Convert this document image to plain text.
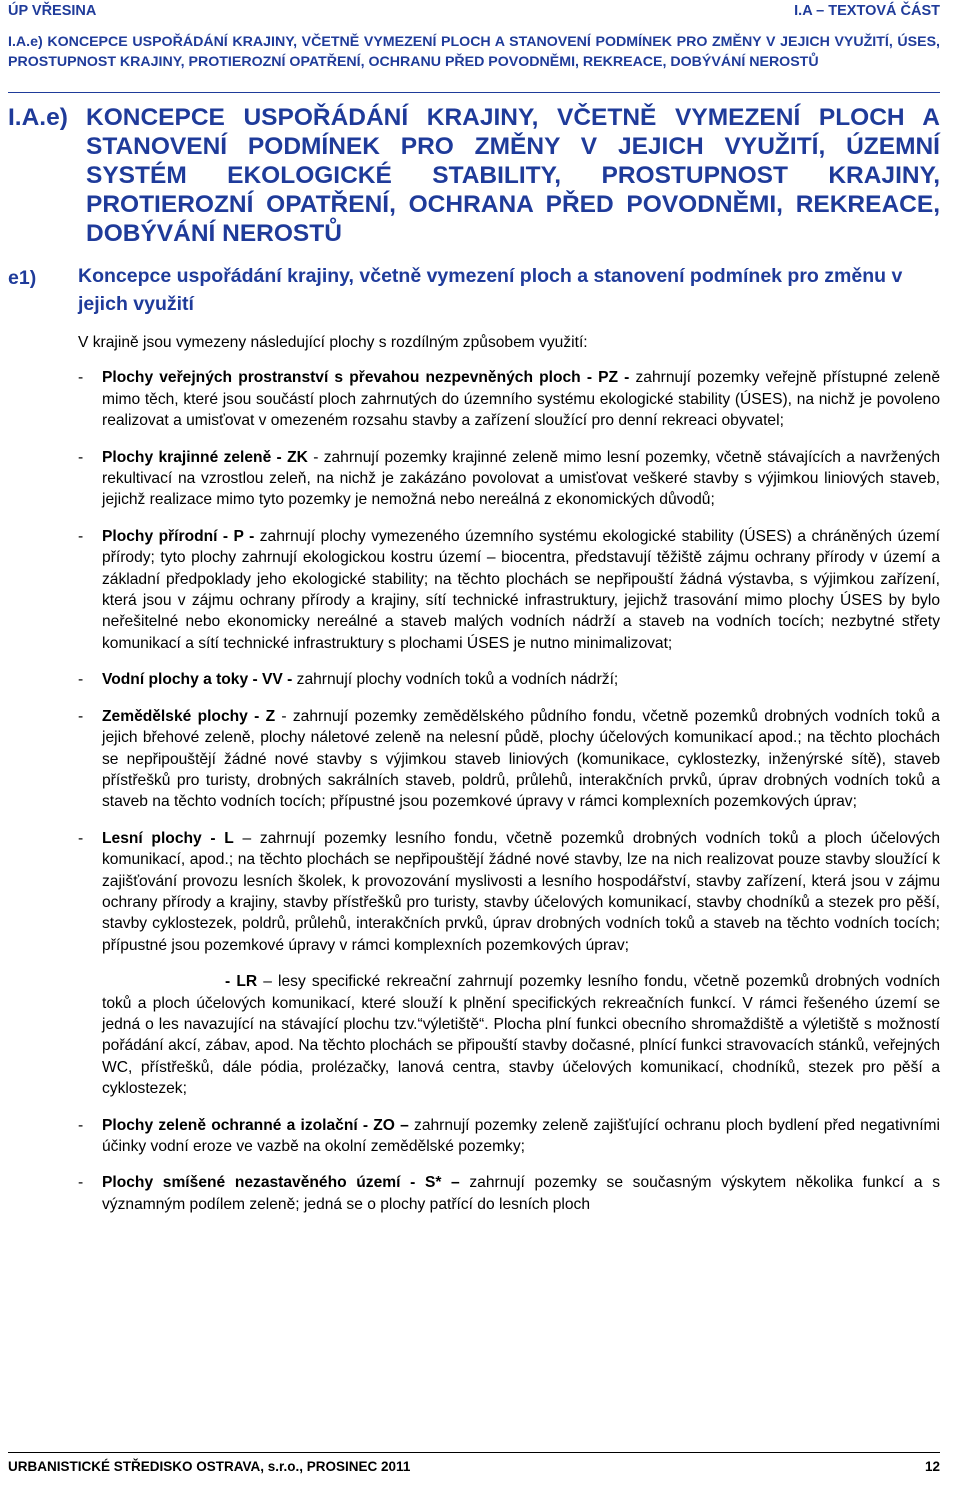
ÚP VŘESINA	I.A – TEXTOVÁ ČÁST
I.A.e) KONCEPCE USPOŘÁDÁNÍ KRAJINY, VČETNĚ VYMEZENÍ PLOCH A STANOVENÍ PODMÍNEK PRO ZMĚNY V JEJICH VYUŽITÍ, ÚSES, PROSTUPNOST KRAJINY, PROTIEROZNÍ OPATŘENÍ, OCHRANU PŘED POVODNĚMI, REKREACE, DOBÝVÁNÍ NEROSTŮ
I.A.e) KONCEPCE USPOŘÁDÁNÍ KRAJINY, VČETNĚ VYMEZENÍ PLOCH A STANOVENÍ PODMÍNEK PRO ZMĚNY V JEJICH VYUŽITÍ, ÚZEMNÍ SYSTÉM EKOLOGICKÉ STABILITY, PROSTUPNOST KRAJINY, PROTIEROZNÍ OPATŘENÍ, OCHRANA PŘED POVODNĚMI, REKREACE, DOBÝVÁNÍ NEROSTŮ
e1) Koncepce uspořádání krajiny, včetně vymezení ploch a stanovení podmínek pro změnu v jejich využití

V krajině jsou vymezeny následující plochy s rozdílným způsobem využití:

- Plochy veřejných prostranství s převahou nezpevněných ploch - PZ - zahrnují pozemky veřejně přístupné zeleně mimo těch, které jsou součástí ploch zahrnutých do územního systému ekologické stability (ÚSES), na nichž je povoleno realizovat a umisťovat v omezeném rozsahu stavby a zařízení sloužící pro denní rekreaci obyvatel;
- Plochy krajinné zeleně - ZK - zahrnují pozemky krajinné zeleně mimo lesní pozemky, včetně stávajících a navržených rekultivací na vzrostlou zeleň, na nichž je zakázáno povolovat a umisťovat veškeré stavby s výjimkou liniových staveb, jejichž realizace mimo tyto pozemky je nemožná nebo nereálná z ekonomických důvodů;
- Plochy přírodní - P - zahrnují plochy vymezeného územního systému ekologické stability (ÚSES) a chráněných území přírody; tyto plochy zahrnují ekologickou kostru území – biocentra, představují těžiště zájmu ochrany přírody v území a základní předpoklady jeho ekologické stability; na těchto plochách se nepřipouští žádná výstavba, s výjimkou zařízení, která jsou v zájmu ochrany přírody a krajiny, sítí technické infrastruktury, jejichž trasování mimo plochy ÚSES by bylo neřešitelné nebo ekonomicky nereálné a staveb malých vodních nádrží a staveb na vodních tocích; nezbytné střety komunikací a sítí technické infrastruktury s plochami ÚSES je nutno minimalizovat;
- Vodní plochy a toky - VV - zahrnují plochy vodních toků a vodních nádrží;
- Zemědělské plochy - Z - zahrnují pozemky zemědělského půdního fondu, včetně pozemků drobných vodních toků a jejich břehové zeleně, plochy náletové zeleně na nelesní půdě, plochy účelových komunikací apod.; na těchto plochách se nepřipouštějí žádné nové stavby s výjimkou staveb liniových (komunikace, cyklostezky, inženýrské sítě), staveb přístřešků pro turisty, drobných sakrálních staveb, poldrů, průlehů, interakčních prvků, úprav drobných vodních toků a staveb na těchto vodních tocích; přípustné jsou pozemkové úpravy v rámci komplexních pozemkových úprav;
- Lesní plochy - L – zahrnují pozemky lesního fondu, včetně pozemků drobných vodních toků a ploch účelových komunikací, apod.; na těchto plochách se nepřipouštějí žádné nové stavby, lze na nich realizovat pouze stavby sloužící k zajišťování provozu lesních školek, k provozování myslivosti a lesního hospodářství, stavby zařízení, která jsou v zájmu ochrany přírody a krajiny, stavby přístřešků pro turisty, stavby účelových komunikací, stavby chodníků a stezek pro pěší, stavby cyklostezek, poldrů, průlehů, interakčních prvků, úprav drobných vodních toků a staveb na těchto vodních tocích; přípustné jsou pozemkové úpravy v rámci komplexních pozemkových úprav;
- LR – lesy specifické rekreační zahrnují pozemky lesního fondu, včetně pozemků drobných vodních toků a ploch účelových komunikací, které slouží k plnění specifických rekreačních funkcí. V rámci řešeného území se jedná o les navazující na stávající plochu tzv.“výletiště“. Plocha plní funkci obecního shromaždiště a výletiště s možností pořádání akcí, zábav, apod. Na těchto plochách se připouští stavby dočasné, plnící funkci stravovacích stánků, veřejných WC, přístřešků, dále pódia, prolézačky, lanová centra, stavby účelových komunikací, chodníků, stezek pro pěší a cyklostezek;
- Plochy zeleně ochranné a izolační - ZO – zahrnují pozemky zeleně zajišťující ochranu ploch bydlení před negativními účinky vodní eroze ve vazbě na okolní zemědělské pozemky;
- Plochy smíšené nezastavěného území - S* – zahrnují pozemky se současným výskytem několika funkcí a s významným podílem zeleně; jedná se o plochy patřící do lesních ploch
URBANISTICKÉ STŘEDISKO OSTRAVA, s.r.o., PROSINEC 2011	12
